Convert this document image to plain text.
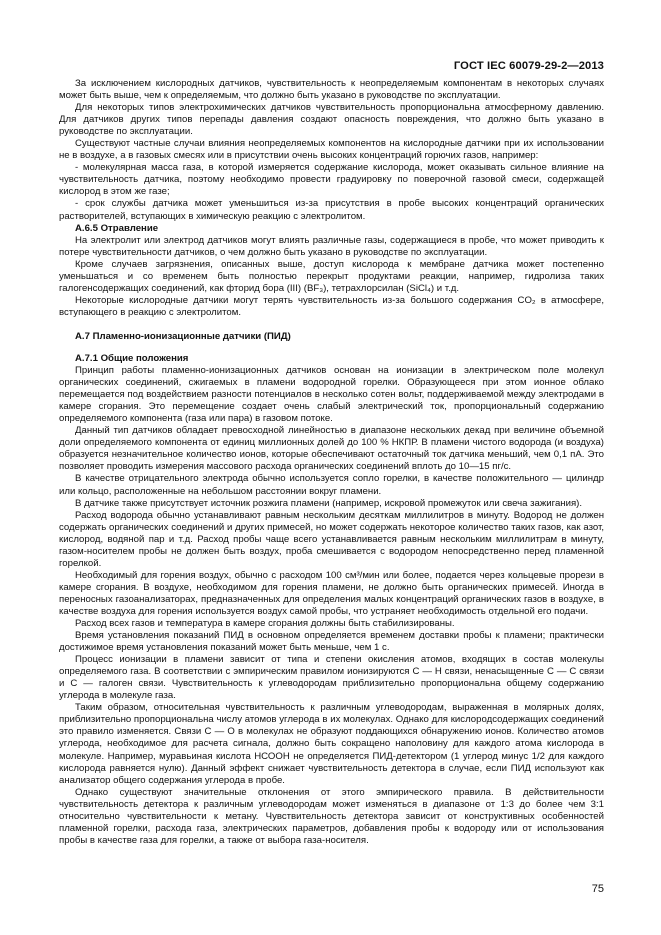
ГОСТ IEC 60079-29-2—2013

За исключением кислородных датчиков, чувствительность к неопределяемым компонентам в некоторых случаях может быть выше, чем к определяемым, что должно быть указано в руководстве по эксплуатации.

Для некоторых типов электрохимических датчиков чувствительность пропорциональна атмосферному давлению. Для датчиков других типов перепады давления создают опасность повреждения, что должно быть указано в руководстве по эксплуатации.

Существуют частные случаи влияния неопределяемых компонентов на кислородные датчики при их использовании не в воздухе, а в газовых смесях или в присутствии очень высоких концентраций горючих газов, например:

- молекулярная масса газа, в которой измеряется содержание кислорода, может оказывать сильное влияние на чувствительность датчика, поэтому необходимо провести градуировку по поверочной газовой смеси, содержащей кислород в этом же газе;

- срок службы датчика может уменьшиться из-за присутствия в пробе высоких концентраций органических растворителей, вступающих в химическую реакцию с электролитом.

А.6.5 Отравление

На электролит или электрод датчиков могут влиять различные газы, содержащиеся в пробе, что может приводить к потере чувствительности датчиков, о чем должно быть указано в руководстве по эксплуатации.

Кроме случаев загрязнения, описанных выше, доступ кислорода к мембране датчика может постепенно уменьшаться и со временем быть полностью перекрыт продуктами реакции, например, гидролиза таких галогенсодержащих соединений, как фторид бора (III) (BF₃), тетрахлорсилан (SiCl₄) и т.д.

Некоторые кислородные датчики могут терять чувствительность из-за большого содержания CO₂ в атмосфере, вступающего в реакцию с электролитом.

А.7 Пламенно-ионизационные датчики (ПИД)
А.7.1 Общие положения

Принцип работы пламенно-ионизационных датчиков основан на ионизации в электрическом поле молекул органических соединений, сжигаемых в пламени водородной горелки. Образующееся при этом ионное облако перемещается под воздействием разности потенциалов в несколько сотен вольт, поддерживаемой между электродами в камере сгорания. Это перемещение создает очень слабый электрический ток, пропорциональный содержанию определяемого компонента (газа или пара) в газовом потоке.

Данный тип датчиков обладает превосходной линейностью в диапазоне нескольких декад при величине объемной доли определяемого компонента от единиц миллионных долей до 100 % НКПР. В пламени чистого водорода (и воздуха) образуется незначительное количество ионов, которые обеспечивают остаточный ток датчика меньший, чем 0,1 пА. Это позволяет проводить измерения массового расхода органических соединений вплоть до 10—15 пг/с.

В качестве отрицательного электрода обычно используется сопло горелки, в качестве положительного — цилиндр или кольцо, расположенные на небольшом расстоянии вокруг пламени.

В датчике также присутствует источник розжига пламени (например, искровой промежуток или свеча зажигания).

Расход водорода обычно устанавливают равным нескольким десяткам миллилитров в минуту. Водород не должен содержать органических соединений и других примесей, но может содержать некоторое количество таких газов, как азот, кислород, водяной пар и т.д. Расход пробы чаще всего устанавливается равным нескольким миллилитрам в минуту, газом-носителем пробы не должен быть воздух, проба смешивается с водородом непосредственно перед пламенной горелкой.

Необходимый для горения воздух, обычно с расходом 100 см³/мин или более, подается через кольцевые прорези в камере сгорания. В воздухе, необходимом для горения пламени, не должно быть органических примесей. Иногда в переносных газоанализаторах, предназначенных для определения малых концентраций органических газов в воздухе, в качестве воздуха для горения используется воздух самой пробы, что устраняет необходимость отдельной его подачи.

Расход всех газов и температура в камере сгорания должны быть стабилизированы.

Время установления показаний ПИД в основном определяется временем доставки пробы к пламени; практически достижимое время установления показаний может быть меньше, чем 1 с.

Процесс ионизации в пламени зависит от типа и степени окисления атомов, входящих в состав молекулы определяемого газа. В соответствии с эмпирическим правилом ионизируются С — Н связи, ненасыщенные С — С связи и С — галоген связи. Чувствительность к углеводородам приблизительно пропорциональна общему содержанию углерода в молекуле газа.

Таким образом, относительная чувствительность к различным углеводородам, выраженная в молярных долях, приблизительно пропорциональна числу атомов углерода в их молекулах. Однако для кислородсодержащих соединений это правило изменяется. Связи С — О в молекулах не образуют поддающихся обнаружению ионов. Количество атомов углерода, необходимое для расчета сигнала, должно быть сокращено наполовину для каждого атома кислорода в молекуле. Например, муравьиная кислота НСООН не определяется ПИД-детектором (1 углерод минус 1/2 для каждого кислорода равняется нулю). Данный эффект снижает чувствительность детектора в случае, если ПИД используют как анализатор общего содержания углерода в пробе.

Однако существуют значительные отклонения от этого эмпирического правила. В действительности чувствительность детектора к различным углеводородам может изменяться в диапазоне от 1:3 до более чем 3:1 относительно чувствительности к метану. Чувствительность детектора зависит от конструктивных особенностей пламенной горелки, расхода газа, электрических параметров, добавления пробы к водороду или от использования пробы в качестве газа для горелки, а также от выбора газа-носителя.

75
